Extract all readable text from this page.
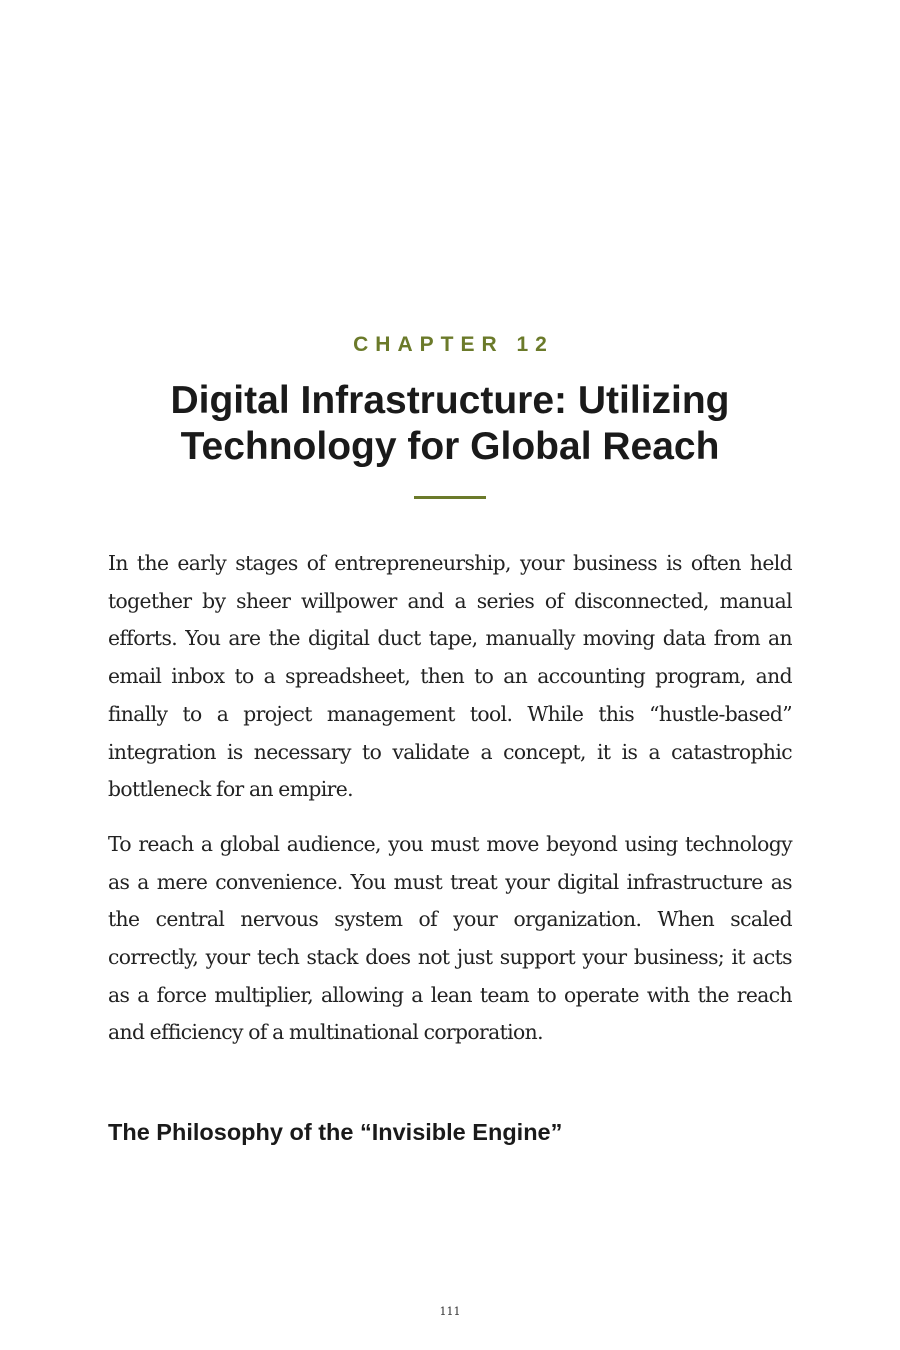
CHAPTER 12
Digital Infrastructure: Utilizing Technology for Global Reach

In the early stages of entrepreneurship, your business is often held together by sheer willpower and a series of disconnected, manual efforts. You are the digital duct tape, manually moving data from an email inbox to a spreadsheet, then to an accounting program, and finally to a project management tool. While this “hustle-based” integration is necessary to validate a concept, it is a catastrophic bottleneck for an empire.

To reach a global audience, you must move beyond using technology as a mere convenience. You must treat your digital infrastructure as the central nervous system of your organization. When scaled correctly, your tech stack does not just support your business; it acts as a force multiplier, allowing a lean team to operate with the reach and efficiency of a multinational corporation.

The Philosophy of the “Invisible Engine”
111
